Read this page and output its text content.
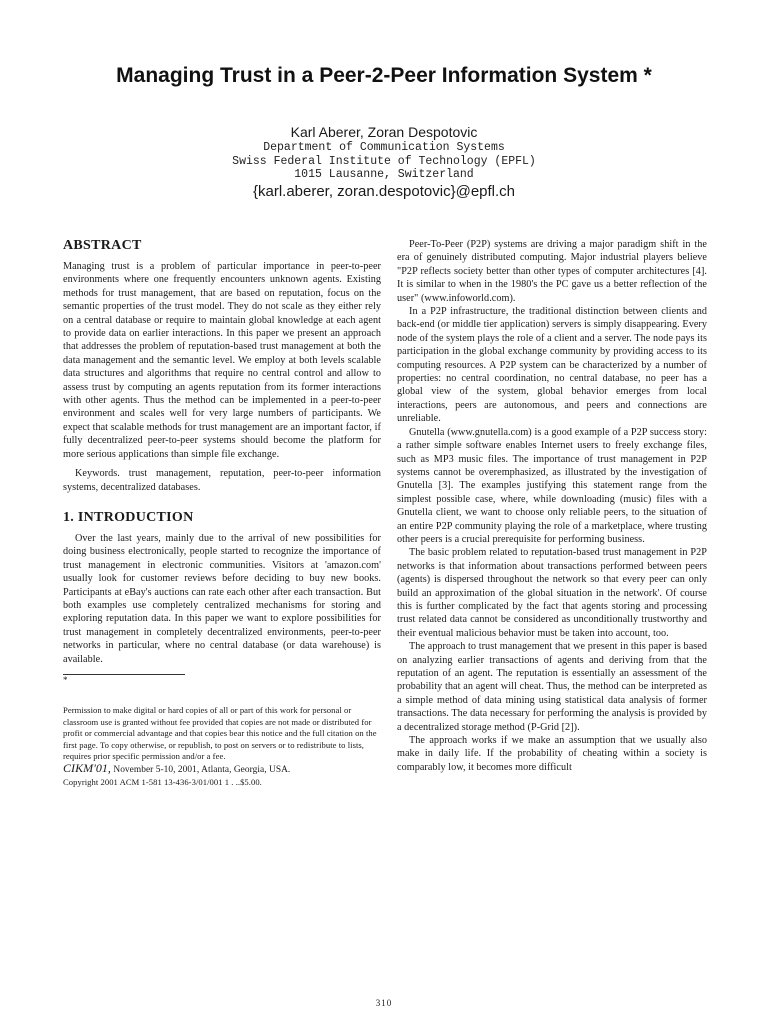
Managing Trust in a Peer-2-Peer Information System *

Karl Aberer, Zoran Despotovic

Department of Communication Systems

Swiss Federal Institute of Technology (EPFL)

1015 Lausanne, Switzerland

{karl.aberer, zoran.despotovic}@epfl.ch

ABSTRACT

Managing trust is a problem of particular importance in peer-to-peer environments where one frequently encounters unknown agents. Existing methods for trust management, that are based on reputation, focus on the semantic properties of the trust model. They do not scale as they either rely on a central database or require to maintain global knowledge at each agent to provide data on earlier interactions. In this paper we present an approach that addresses the problem of reputation-based trust management at both the data management and the semantic level. We employ at both levels scalable data structures and algorithms that require no central control and allow to assess trust by computing an agents reputation from its former interactions with other agents. Thus the method can be implemented in a peer-to-peer environment and scales well for very large numbers of participants. We expect that scalable methods for trust management are an important factor, if fully decentralized peer-to-peer systems should become the platform for more serious applications than simple file exchange.

Keywords. trust management, reputation, peer-to-peer information systems, decentralized databases.

1. INTRODUCTION

Over the last years, mainly due to the arrival of new possibilities for doing business electronically, people started to recognize the importance of trust management in electronic communities. Visitors at 'amazon.com' usually look for customer reviews before deciding to buy new books. Participants at eBay's auctions can rate each other after each transaction. But both examples use completely centralized mechanisms for storing and exploring reputation data. In this paper we want to explore possibilities for trust management in completely decentralized environments, peer-to-peer networks in particular, where no central database (or data warehouse) is available.

*

Permission to make digital or hard copies of all or part of this work for personal or classroom use is granted without fee provided that copies are not made or distributed for profit or commercial advantage and that copies bear this notice and the full citation on the first page. To copy otherwise, or republish, to post on servers or to redistribute to lists, requires prior specific permission and/or a fee.

CIKM'01, November 5-10, 2001, Atlanta, Georgia, USA.

Copyright 2001 ACM 1-581 13-436-3/01/001 1 . ..$5.00.

Peer-To-Peer (P2P) systems are driving a major paradigm shift in the era of genuinely distributed computing. Major industrial players believe "P2P reflects society better than other types of computer architectures [4]. It is similar to when in the 1980's the PC gave us a better reflection of the user" (www.infoworld.com).

In a P2P infrastructure, the traditional distinction between clients and back-end (or middle tier application) servers is simply disappearing. Every node of the system plays the role of a client and a server. The node pays its participation in the global exchange community by providing access to its computing resources. A P2P system can be characterized by a number of properties: no central coordination, no central database, no peer has a global view of the system, global behavior emerges from local interactions, peers are autonomous, and peers and connections are unreliable.

Gnutella (www.gnutella.com) is a good example of a P2P success story: a rather simple software enables Internet users to freely exchange files, such as MP3 music files. The importance of trust management in P2P systems cannot be overemphasized, as illustrated by the investigation of Gnutella [3]. The examples justifying this statement range from the simplest possible case, where, while downloading (music) files with a Gnutella client, we want to choose only reliable peers, to the situation of an entire P2P community playing the role of a marketplace, where trusting other peers is a crucial prerequisite for performing business.

The basic problem related to reputation-based trust management in P2P networks is that information about transactions performed between peers (agents) is dispersed throughout the network so that every peer can only build an approximation of the global situation in the network'. Of course this is further complicated by the fact that agents storing and processing trust related data cannot be considered as unconditionally trustworthy and their eventual malicious behavior must be taken into account, too.

The approach to trust management that we present in this paper is based on analyzing earlier transactions of agents and deriving from that the reputation of an agent. The reputation is essentially an assessment of the probability that an agent will cheat. Thus, the method can be interpreted as a simple method of data mining using statistical data analysis of former transactions. The data necessary for performing the analysis is provided by a decentralized storage method (P-Grid [2]).

The approach works if we make an assumption that we usually also make in daily life. If the probability of cheating within a society is comparably low, it becomes more difficult

310
